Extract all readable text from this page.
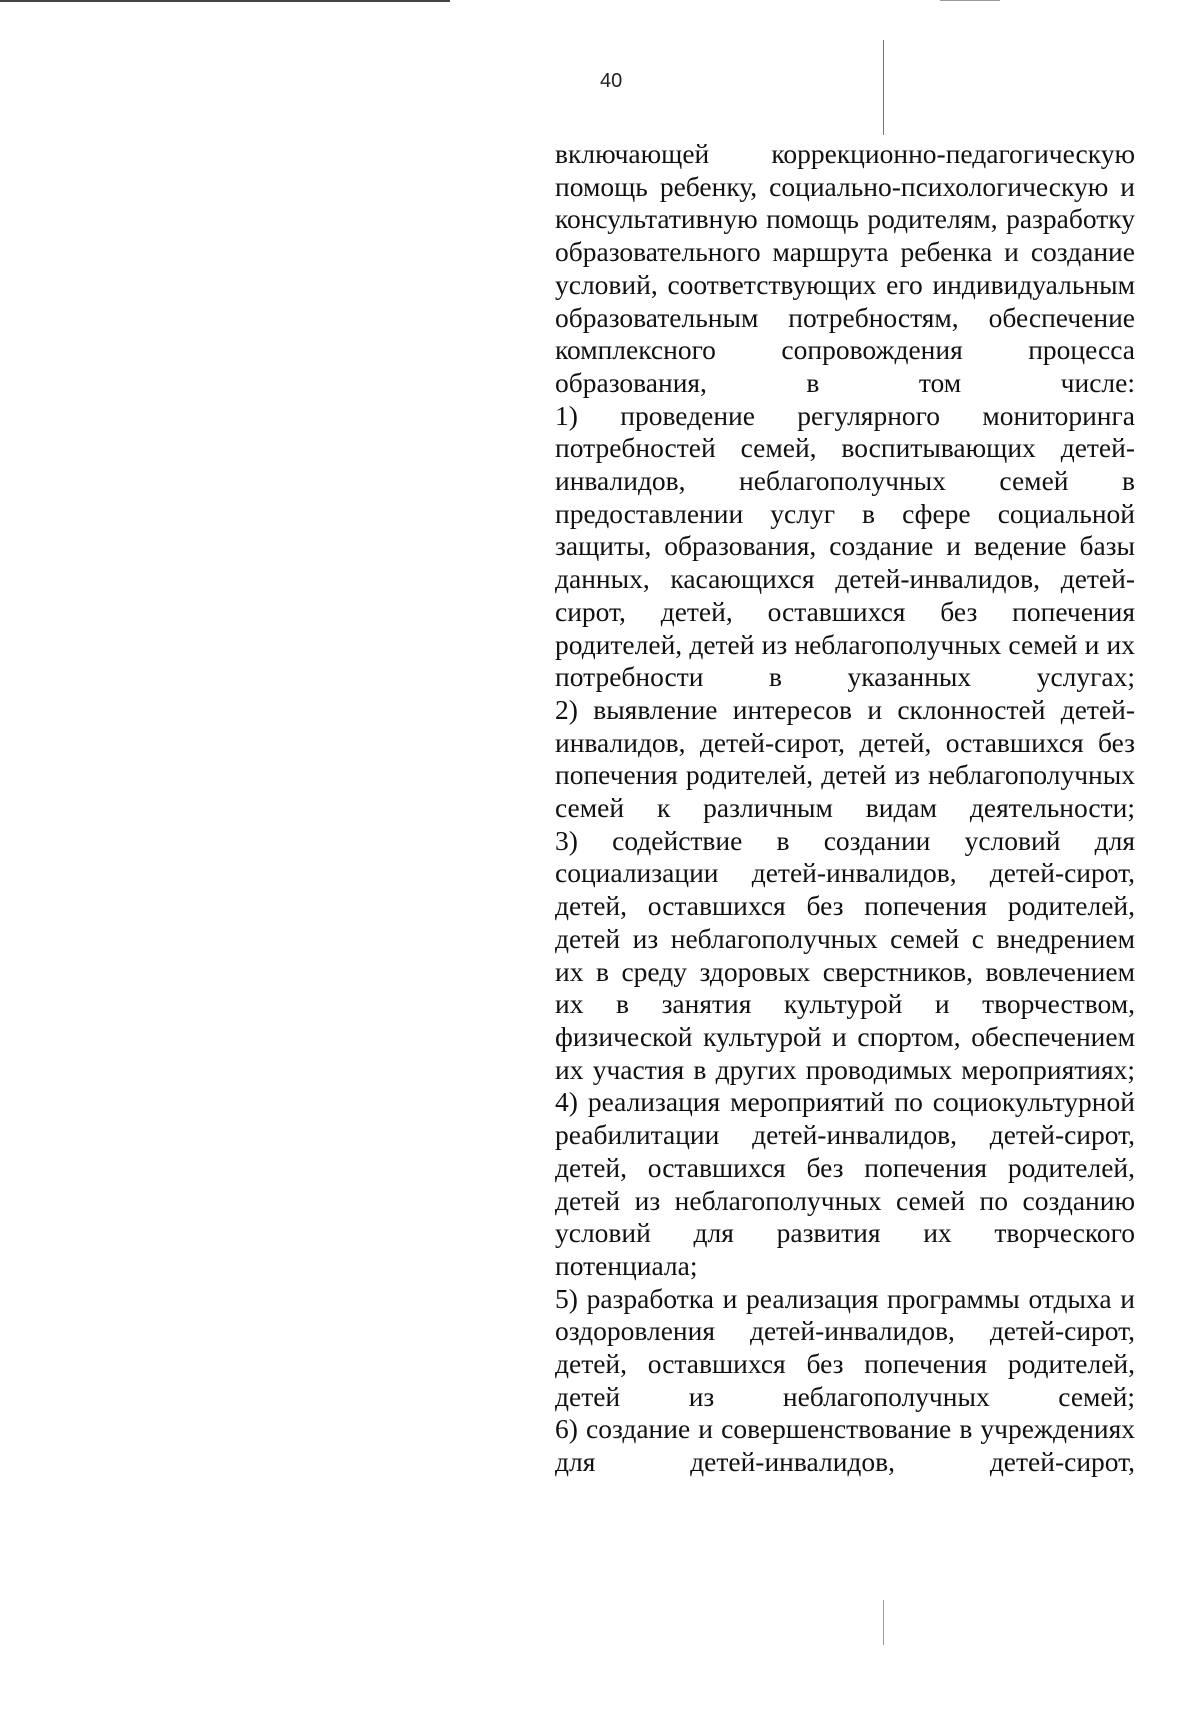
40

включающей коррекционно-педагогическую помощь ребенку, социально-психологическую и консультативную помощь родителям, разработку образовательного маршрута ребенка и создание условий, соответствующих его индивидуальным образовательным потребностям, обеспечение комплексного сопровождения процесса образования, в том числе:

1) проведение регулярного мониторинга потребностей семей, воспитывающих детей-инвалидов, неблагополучных семей в предоставлении услуг в сфере социальной защиты, образования, создание и ведение базы данных, касающихся детей-инвалидов, детей-сирот, детей, оставшихся без попечения родителей, детей из неблагополучных семей и их потребности в указанных услугах;

2) выявление интересов и склонностей детей-инвалидов, детей-сирот, детей, оставшихся без попечения родителей, детей из неблагополучных семей к различным видам деятельности;

3) содействие в создании условий для социализации детей-инвалидов, детей-сирот, детей, оставшихся без попечения родителей, детей из неблагополучных семей с внедрением их в среду здоровых сверстников, вовлечением их в занятия культурой и творчеством, физической культурой и спортом, обеспечением их участия в других проводимых мероприятиях;

4) реализация мероприятий по социокультурной реабилитации детей-инвалидов, детей-сирот, детей, оставшихся без попечения родителей, детей из неблагополучных семей по созданию условий для развития их творческого потенциала;

5) разработка и реализация программы отдыха и оздоровления детей-инвалидов, детей-сирот, детей, оставшихся без попечения родителей, детей из неблагополучных семей;

6) создание и совершенствование в учреждениях для детей-инвалидов, детей-сирот,
